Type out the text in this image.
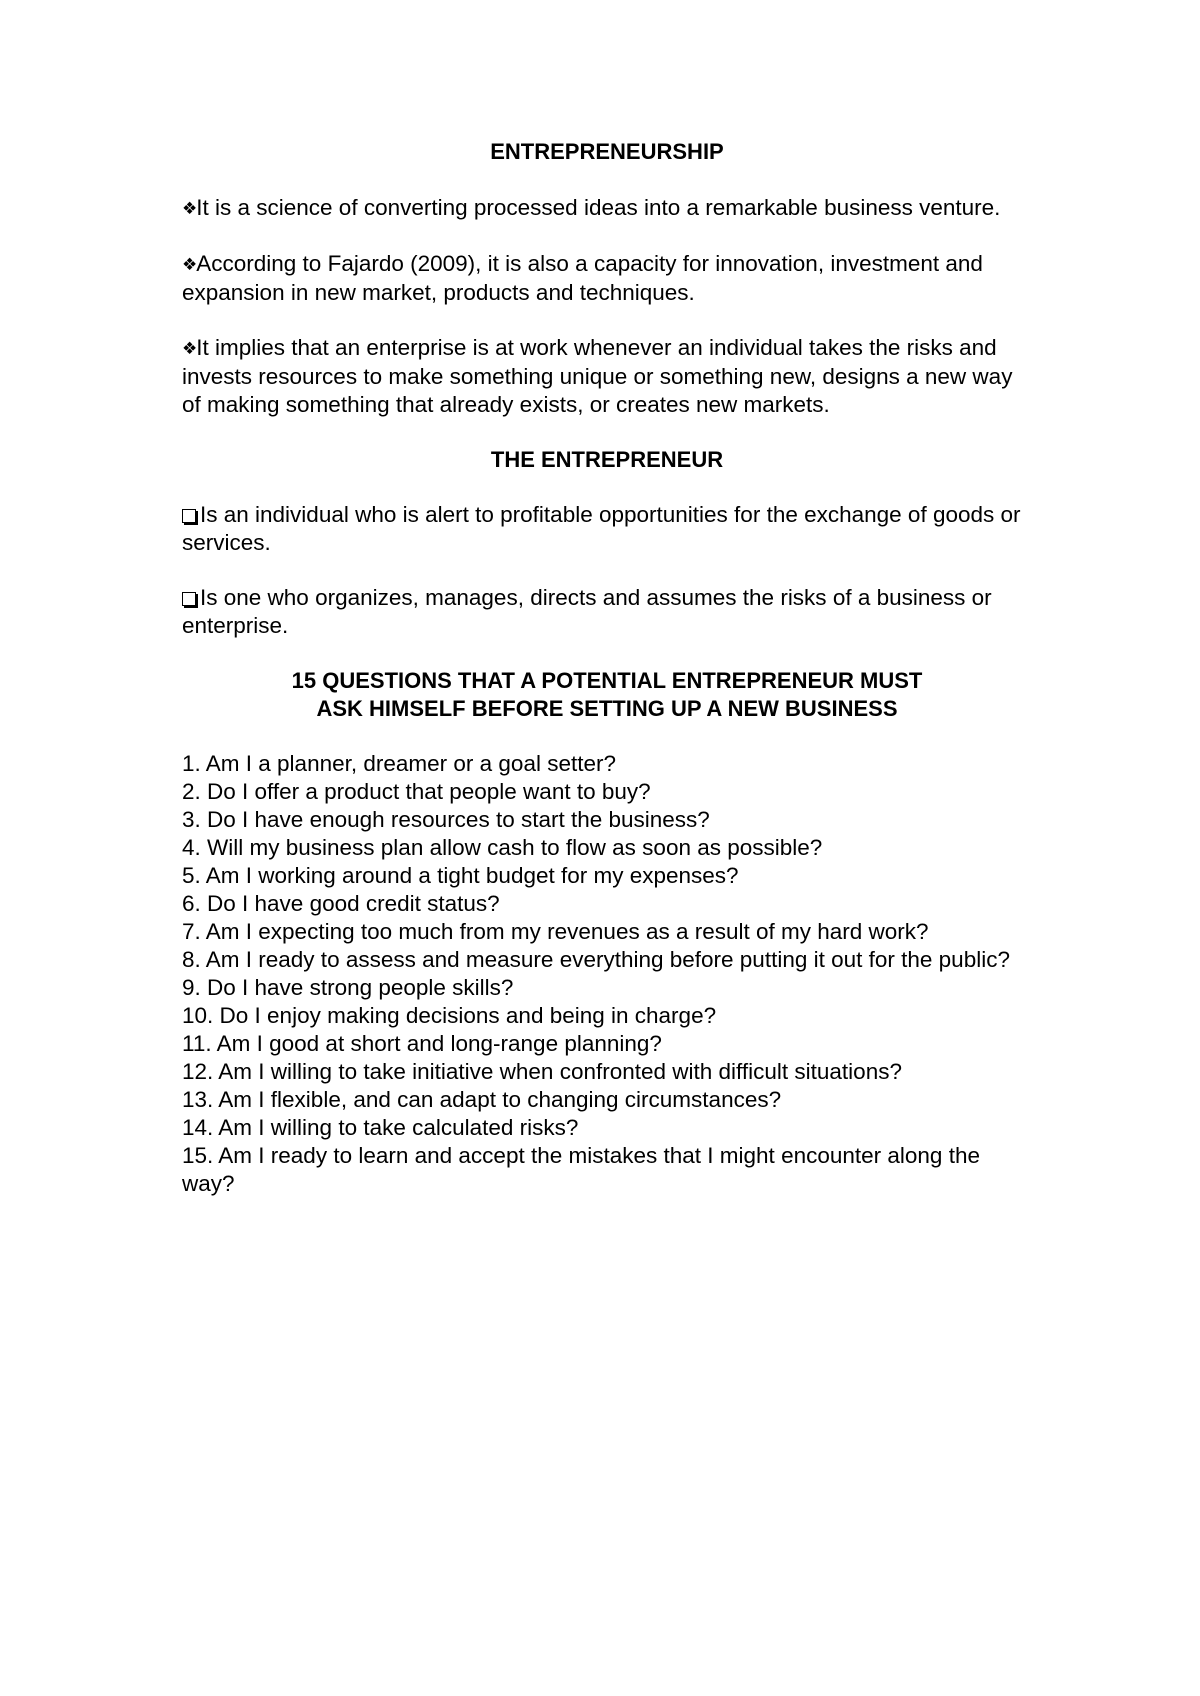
ENTREPRENEURSHIP

❖It is a science of converting processed ideas into a remarkable business venture.

❖According to Fajardo (2009), it is also a capacity for innovation, investment and expansion in new market, products and techniques.

❖It implies that an enterprise is at work whenever an individual takes the risks and invests resources to make something unique or something new, designs a new way of making something that already exists, or creates new markets.

THE ENTREPRENEUR

Is an individual who is alert to profitable opportunities for the exchange of goods or services.

Is one who organizes, manages, directs and assumes the risks of a business or enterprise.

15 QUESTIONS THAT A POTENTIAL ENTREPRENEUR MUST

ASK HIMSELF BEFORE SETTING UP A NEW BUSINESS

1. Am I a planner, dreamer or a goal setter?
2. Do I offer a product that people want to buy?
3. Do I have enough resources to start the business?
4. Will my business plan allow cash to flow as soon as possible?
5. Am I working around a tight budget for my expenses?
6. Do I have good credit status?
7. Am I expecting too much from my revenues as a result of my hard work?
8. Am I ready to assess and measure everything before putting it out for the public?
9. Do I have strong people skills?
10. Do I enjoy making decisions and being in charge?
11. Am I good at short and long-range planning?
12. Am I willing to take initiative when confronted with difficult situations?
13. Am I flexible, and can adapt to changing circumstances?
14. Am I willing to take calculated risks?
15. Am I ready to learn and accept the mistakes that I might encounter along the way?
